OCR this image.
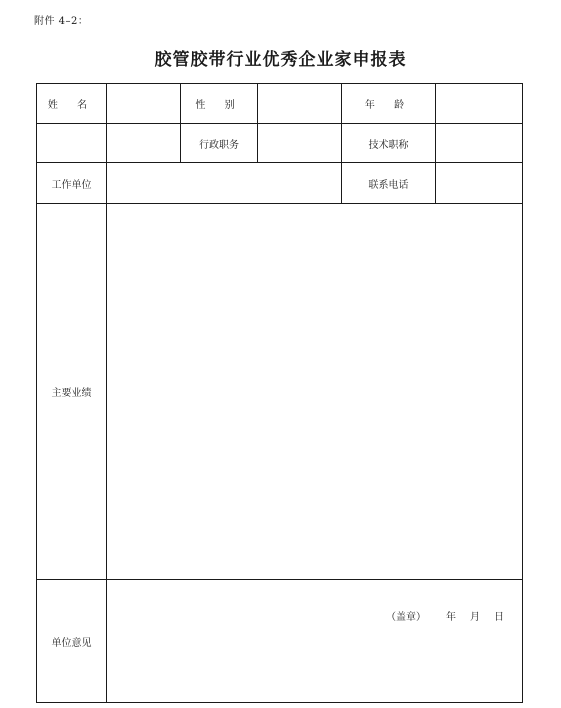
附件 4–2：
胶管胶带行业优秀企业家申报表
姓 名		性 别		年 龄	
		行政职务		技术职称	
工作单位				联系电话	
主要业绩					
单位意见	（盖章） 年 月 日				
